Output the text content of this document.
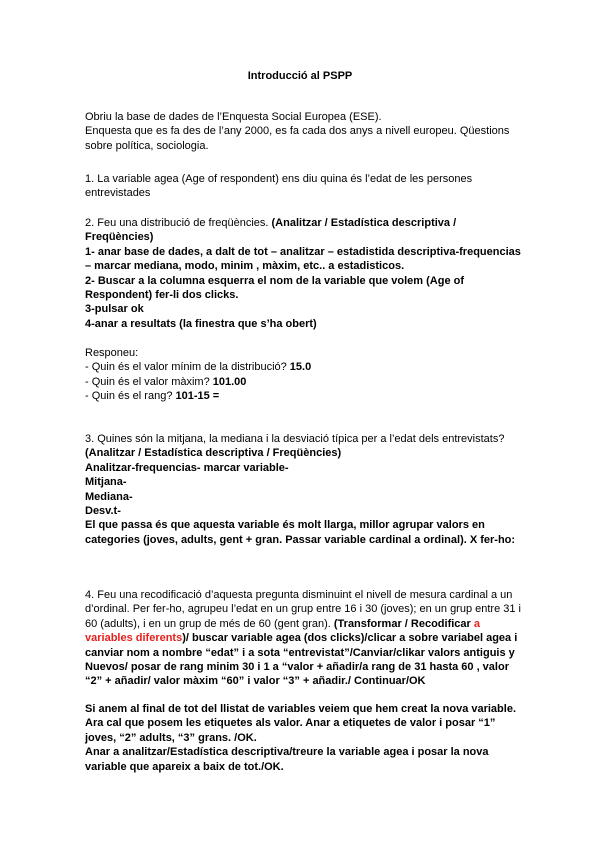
Introducció al PSPP

Obriu la base de dades de l’Enquesta Social Europea (ESE).

Enquesta que es fa des de l’any 2000, es fa cada dos anys a nivell europeu. Qüestions sobre política, sociologia.

1. La variable agea (Age of respondent) ens diu quina és l’edat de les persones entrevistades

2. Feu una distribució de freqüències. (Analitzar / Estadística descriptiva / Freqüències)

1- anar base de dades, a dalt de tot – analitzar – estadistida descriptiva-frequencias – marcar mediana, modo, minim , màxim, etc.. a estadisticos.

2- Buscar a la columna esquerra el nom de la variable que volem (Age of Respondent) fer-li dos clicks.

3-pulsar ok

4-anar a resultats (la finestra que s’ha obert)

Responeu:

- Quin és el valor mínim de la distribució? 15.0

- Quin és el valor màxim? 101.00

- Quin és el rang? 101-15 =

3. Quines són la mitjana, la mediana i la desviació típica per a l’edat dels entrevistats?

(Analitzar / Estadística descriptiva / Freqüències)

Analitzar-frequencias- marcar variable-

Mitjana-

Mediana-

Desv.t-

El que passa és que aquesta variable és molt llarga, millor agrupar valors en categories (joves, adults, gent + gran. Passar variable cardinal a ordinal). X fer-ho:

4. Feu una recodificació d’aquesta pregunta disminuint el nivell de mesura cardinal a un d’ordinal. Per fer-ho, agrupeu l’edat en un grup entre 16 i 30 (joves); en un grup entre 31 i 60 (adults), i en un grup de més de 60 (gent gran). (Transformar / Recodificar a variables diferents)/ buscar variable agea (dos clicks)/clicar a sobre variabel agea i canviar nom a nombre “edat” i a sota “entrevistat”/Canviar/clikar valors antiguis y Nuevos/ posar de rang minim 30 i 1 a “valor + añadir/a rang de 31 hasta 60 , valor “2” + añadir/ valor màxim “60” i valor “3” + añadir./ Continuar/OK

Si anem al final de tot del llistat de variables veiem que hem creat la nova variable. Ara cal que posem les etiquetes als valor. Anar a etiquetes de valor i posar “1” joves, “2” adults, “3” grans. /OK.

Anar a analitzar/Estadística descriptiva/treure la variable agea i posar la nova variable que apareix a baix de tot./OK.
